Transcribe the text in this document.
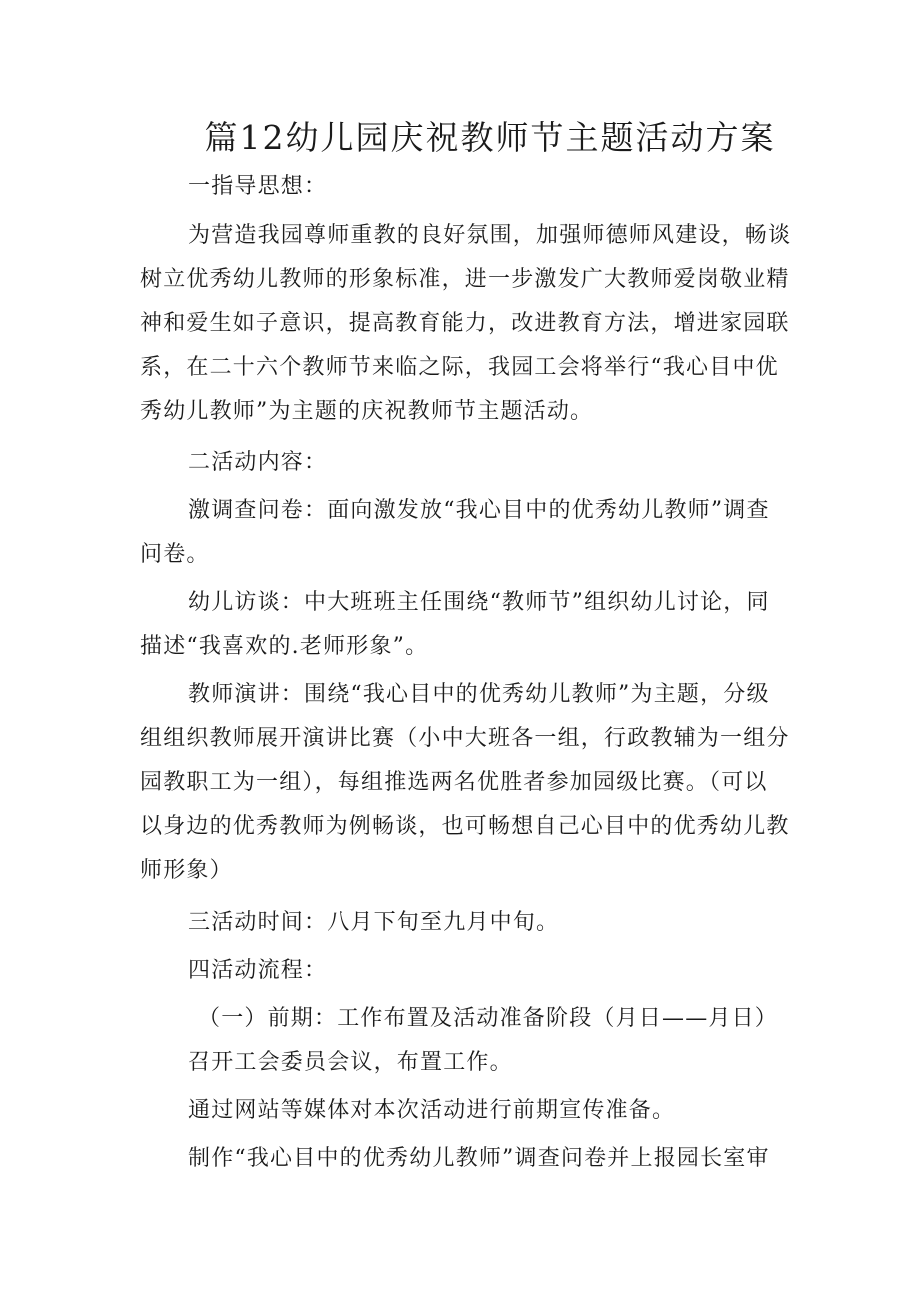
篇12幼儿园庆祝教师节主题活动方案
一指导思想：
为营造我园尊师重教的良好氛围，加强师德师风建设，畅谈
树立优秀幼儿教师的形象标准，进一步激发广大教师爱岗敬业精
神和爱生如子意识，提高教育能力，改进教育方法，增进家园联
系，在二十六个教师节来临之际，我园工会将举行“我心目中优
秀幼儿教师”为主题的庆祝教师节主题活动。
二活动内容：
激调查问卷：面向激发放“我心目中的优秀幼儿教师”调查
问卷。
幼儿访谈：中大班班主任围绕“教师节”组织幼儿讨论，同
描述“我喜欢的.老师形象”。
教师演讲：围绕“我心目中的优秀幼儿教师”为主题，分级
组组织教师展开演讲比赛（小中大班各一组，行政教辅为一组分
园教职工为一组），每组推选两名优胜者参加园级比赛。（可以
以身边的优秀教师为例畅谈，也可畅想自己心目中的优秀幼儿教
师形象）
三活动时间：八月下旬至九月中旬。
四活动流程：
（一）前期：工作布置及活动准备阶段（月日——月日）
召开工会委员会议，布置工作。
通过网站等媒体对本次活动进行前期宣传准备。
制作“我心目中的优秀幼儿教师”调查问卷并上报园长室审
